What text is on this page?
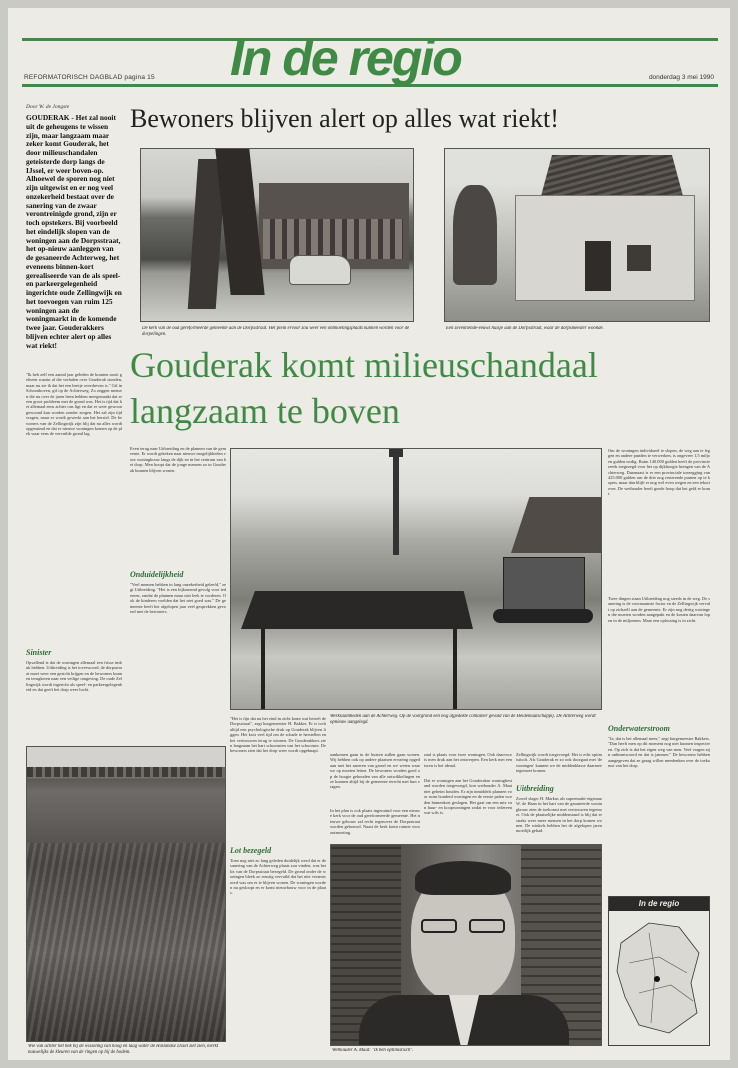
REFORMATORISCH DAGBLAD pagina 15 In de regio	donderdag 3 mei 1990
Door W. de Jongste
GOUDERAK - Het zal nooit uit de geheugens te wissen zijn, maar langzaam maar zeker komt Gouderak, het door milieuschandalen geteisterde dorp langs de IJssel, er weer boven-op. Alhoewel de sporen nog niet zijn uitgewist en er nog veel onzekerheid bestaat over de sanering van de zwaar verontreinigde grond, zijn er toch opstekers. Bij voorbeeld het eindelijk slopen van de woningen aan de Dorpsstraat, het op-nieuw aanleggen van de gesaneerde Achterweg, het eveneens binnen-kort gerealiseerde van de als speel- en parkeergelegenheid ingerichte oude Zellingwijk en het toevoegen van ruim 125 woningen aan de woningmarkt in de komende twee jaar. Gouderakkers blijven echter alert op alles wat riekt!
"Ik heb zelf een aantal jaar geleden de kranten nooit gelezen waarin al die verhalen over Gouderak stonden, maar nu zie ik dat het een beetje overdreven is." Gif in Schoonhoven, gif op de Achterweg. Zo zeggen mensen die nu over de jaren heen hebben meegemaakt dat er een groot probleem met de grond was. Het is tijd dat het allemaal eens achter ons ligt en dat er weer gewoon gewoond kan worden zonder zorgen. Het zal zijn tijd vragen, maar er wordt gewerkt aan het herstel. De bewoners van de Zellingwijk zijn blij dat nu alles wordt opgeruimd en dat er nieuwe woningen komen op de plek waar eens de vervuilde grond lag.
Sinister
Opvallend is dat de woningen allemaal een frisse indruk hebben. Uitbreiding is het toverwoord, de dorpsstraat moet weer een gezicht krijgen en de bewoners kunnen terugkeren naar een veilige omgeving. De oude Zellingwijk wordt ingericht als speel- en parkeergelegenheid en dat geeft het dorp weer lucht.
Bewoners blijven alert op alles wat riekt!
De kerk van de oud gereformeerde gemeente aan de Dorpsstraat. Het plein ervoor zou weer een ontmoetingsplaats kunnen worden voor de dorpelingen.
Een zeventiende-eeuws huisje aan de Dorpsstraat, waar de dorpsmeester woonde.
Gouderak komt milieuschandaal langzaam te boven
Even terug naar Uitbreiding en de plannen van de gemeente. Er wordt gekeken naar nieuwe mogelijkheden voor woningbouw langs de dijk en in het centrum van het dorp. Men hoopt dat de jonge mensen zo in Gouderak kunnen blijven wonen.
Onduidelijkheid
"Veel mensen hebben in lang onzekerheid geleefd," zegt Uitbreiding. "Het is een bijkomend gevolg voor iedereen, omdat de plannen maar niet leek te vorderen. Ook de kinderen voelden dat het niet goed was." De gemeente heeft het afgelopen jaar veel gesprekken gevoerd met de bewoners.
Werkzaamheden aan de Achterweg. Op de voorgrond een nog afgedekte container gevuld van de Heidemaatschappij. De Achterweg wordt opnieuw aangelegd.
Om de woningen individueel te slopen, de weg aan te leggen en andere punden te verwerken, is ongeveer 1,5 miljoen gulden nodig. Ruim 140.000 gulden heeft de provincie reeds toegezegd voor het op dijkhoogte brengen van de Achterweg. Daarnaast is er een provinciale toezegging van 425.000 gulden om de drie nog resterende punten op te kopen, maar dan blijft er nog wel even wegen en een tekort over. De wethouder heeft goede hoop dat het geld er komt.
Twee dingen staan Uitbreiding nog steeds in de weg. De sanering is de voornaamste factor en de Zellingwijk vervalt op zichzelf aan de gemeente. Er zijn nog dertig woningen die moeten worden aangepakt en de kosten daarvan lopen in de miljoenen. Maar een oplossing is in zicht.
Onderwaterstroom
"Ja, dat is het allemaal meer," zegt burgemeester Bakkers. "Dan heeft men op dit moment nog niet kunnen inspecteren. Op zich is dat het eigen weg van men. Veel vragen zijn onbeantwoord en dat is jammer." De bewoners hebben aangegeven dat ze graag willen meedenken over de toekomst van het dorp.
"Het is fijn dat nu het eind in zicht komt wat betreft de Dorpsstraat", zegt burgemeester H. Bakker. Er is toch altijd een psychologische druk op Gouderak blijven liggen. Het kost veel tijd om de schade te herstellen en het vertrouwen terug te winnen. De Gouderakkers zien langzaam het hart schoonsten van het schoonste. De bewoners zien dat het dorp weer wordt opgeknapt.
Lot bezegeld
Toen nog niet zo lang geleden duidelijk werd dat er de sanering van de Achterweg plaats zou vinden, was het lot van de Dorpsstraat bezegeld. De grond onder de woningen bleek zo ernstig vervuild dat het niet verantwoord was om er te blijven wonen. De woningen worden nu gesloopt en er komt nieuwbouw voor in de plaats.
aankomen gaan in de huizen zullen gaan wonen. Wij hebben ook op andere plaatsen ervaring opgedaan met het saneren van grond en we weten waar we op moeten letten. De bewoners worden goed op de hoogte gehouden van alle ontwikkelingen en ze kunnen altijd bij de gemeente terecht met hun vragen.
In het plan is ook plaats ingeruimd voor een nieuwe kerk voor de oud gereformeerde gemeente. Het nieuwe gebouw zal recht tegenover de Dorpsstraat worden gebouwd. Naast de kerk komt ruimte voor ontmoeting.
zaal is plaats voor twee woningen. Ook daarvoor is men druk aan het ontwerpen. Een kerk met een toren is het ideaal.
Dat er woningen aan het Gouderakse woningbestand worden toegevoegd, kon wethouder A. Maat niet geheim houden. Er zijn inmiddels plannen voor ruim honderd woningen en de eerste palen worden binnenkort geslagen. Het gaat om een mix van huur- en koopwoningen zodat er voor iedereen wat wils is.
Zellingwijk wordt toegevoegd. Het is echt optimistisch. Als Gouderak er zo ook doorgaat met 'de woningen' kunnen we de middenklasse daarmee tegemoet komen.
Uitbreiding
Zowel slager H. Markus als supermarkt-eigenaar W. de Haan in het hart van de gesaneerde woningbouw zien de toekomst met vertrouwen tegemoet. Ook de plaatselijke middenstand is blij dat er straks weer meer mensen in het dorp komen wonen. De winkels hebben het de afgelopen jaren moeilijk gehad.
Wethouder A. Maat: "Ik ben optimistisch".
Wie van achter het hek bij de wisseling van hoog en laag water de Hollandse IJssel ziet zien, merkt nauwelijks de kleuren van de ringen op bij de bodem.
In de regio
